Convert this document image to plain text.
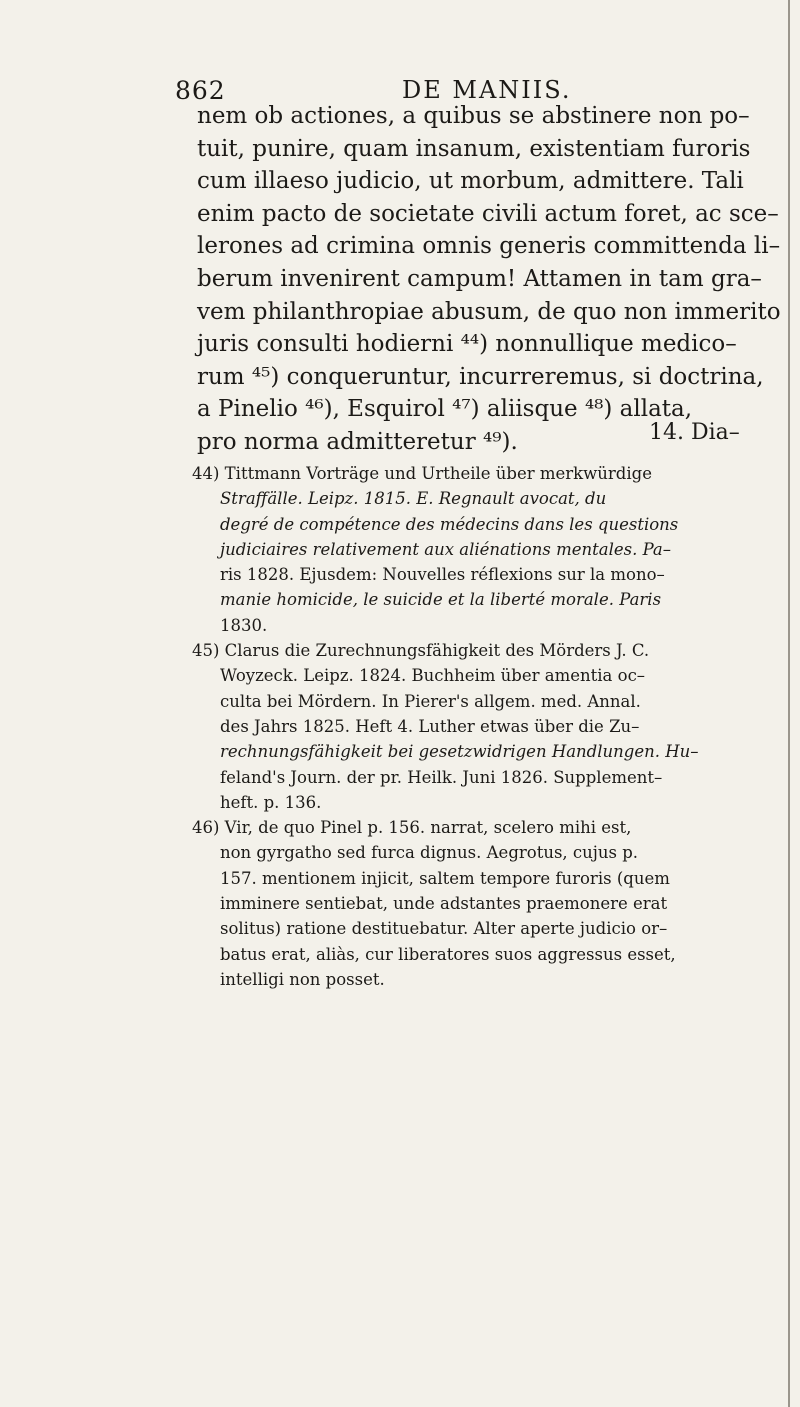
862	DE MANIIS.
nem ob actiones, a quibus se abstinere non po–
tuit, punire, quam insanum, existentiam furoris
cum illaeso judicio, ut morbum, admittere. Tali
enim pacto de societate civili actum foret, ac sce–
lerones ad crimina omnis generis committenda li–
berum invenirent campum! Attamen in tam gra–
vem philanthropiae abusum, de quo non immerito
juris consulti hodierni ⁴⁴) nonnullique medico–
rum ⁴⁵) conqueruntur, incurreremus, si doctrina,
a Pinelio ⁴⁶), Esquirol ⁴⁷) aliisque ⁴⁸) allata,
pro norma admitteretur ⁴⁹).	14. Dia–
44) Tittmann Vorträge und Urtheile über merkwürdige
Straffälle. Leipz. 1815. E. Regnault avocat, du
degré de compétence des médecins dans les questions
judiciaires relativement aux aliénations mentales. Pa–
ris 1828. Ejusdem: Nouvelles réflexions sur la mono–
manie homicide, le suicide et la liberté morale. Paris
1830.
45) Clarus die Zurechnungsfähigkeit des Mörders J. C.
Woyzeck. Leipz. 1824. Buchheim über amentia oc–
culta bei Mördern. In Pierer's allgem. med. Annal.
des Jahrs 1825. Heft 4. Luther etwas über die Zu–
rechnungsfähigkeit bei gesetzwidrigen Handlungen. Hu–
feland's Journ. der pr. Heilk. Juni 1826. Supplement–
heft. p. 136.
46) Vir, de quo Pinel p. 156. narrat, scelero mihi est,
non gyrgatho sed furca dignus. Aegrotus, cujus p.
157. mentionem injicit, saltem tempore furoris (quem
imminere sentiebat, unde adstantes praemonere erat
solitus) ratione destituebatur. Alter aperte judicio or–
batus erat, aliàs, cur liberatores suos aggressus esset,
intelligi non posset.
